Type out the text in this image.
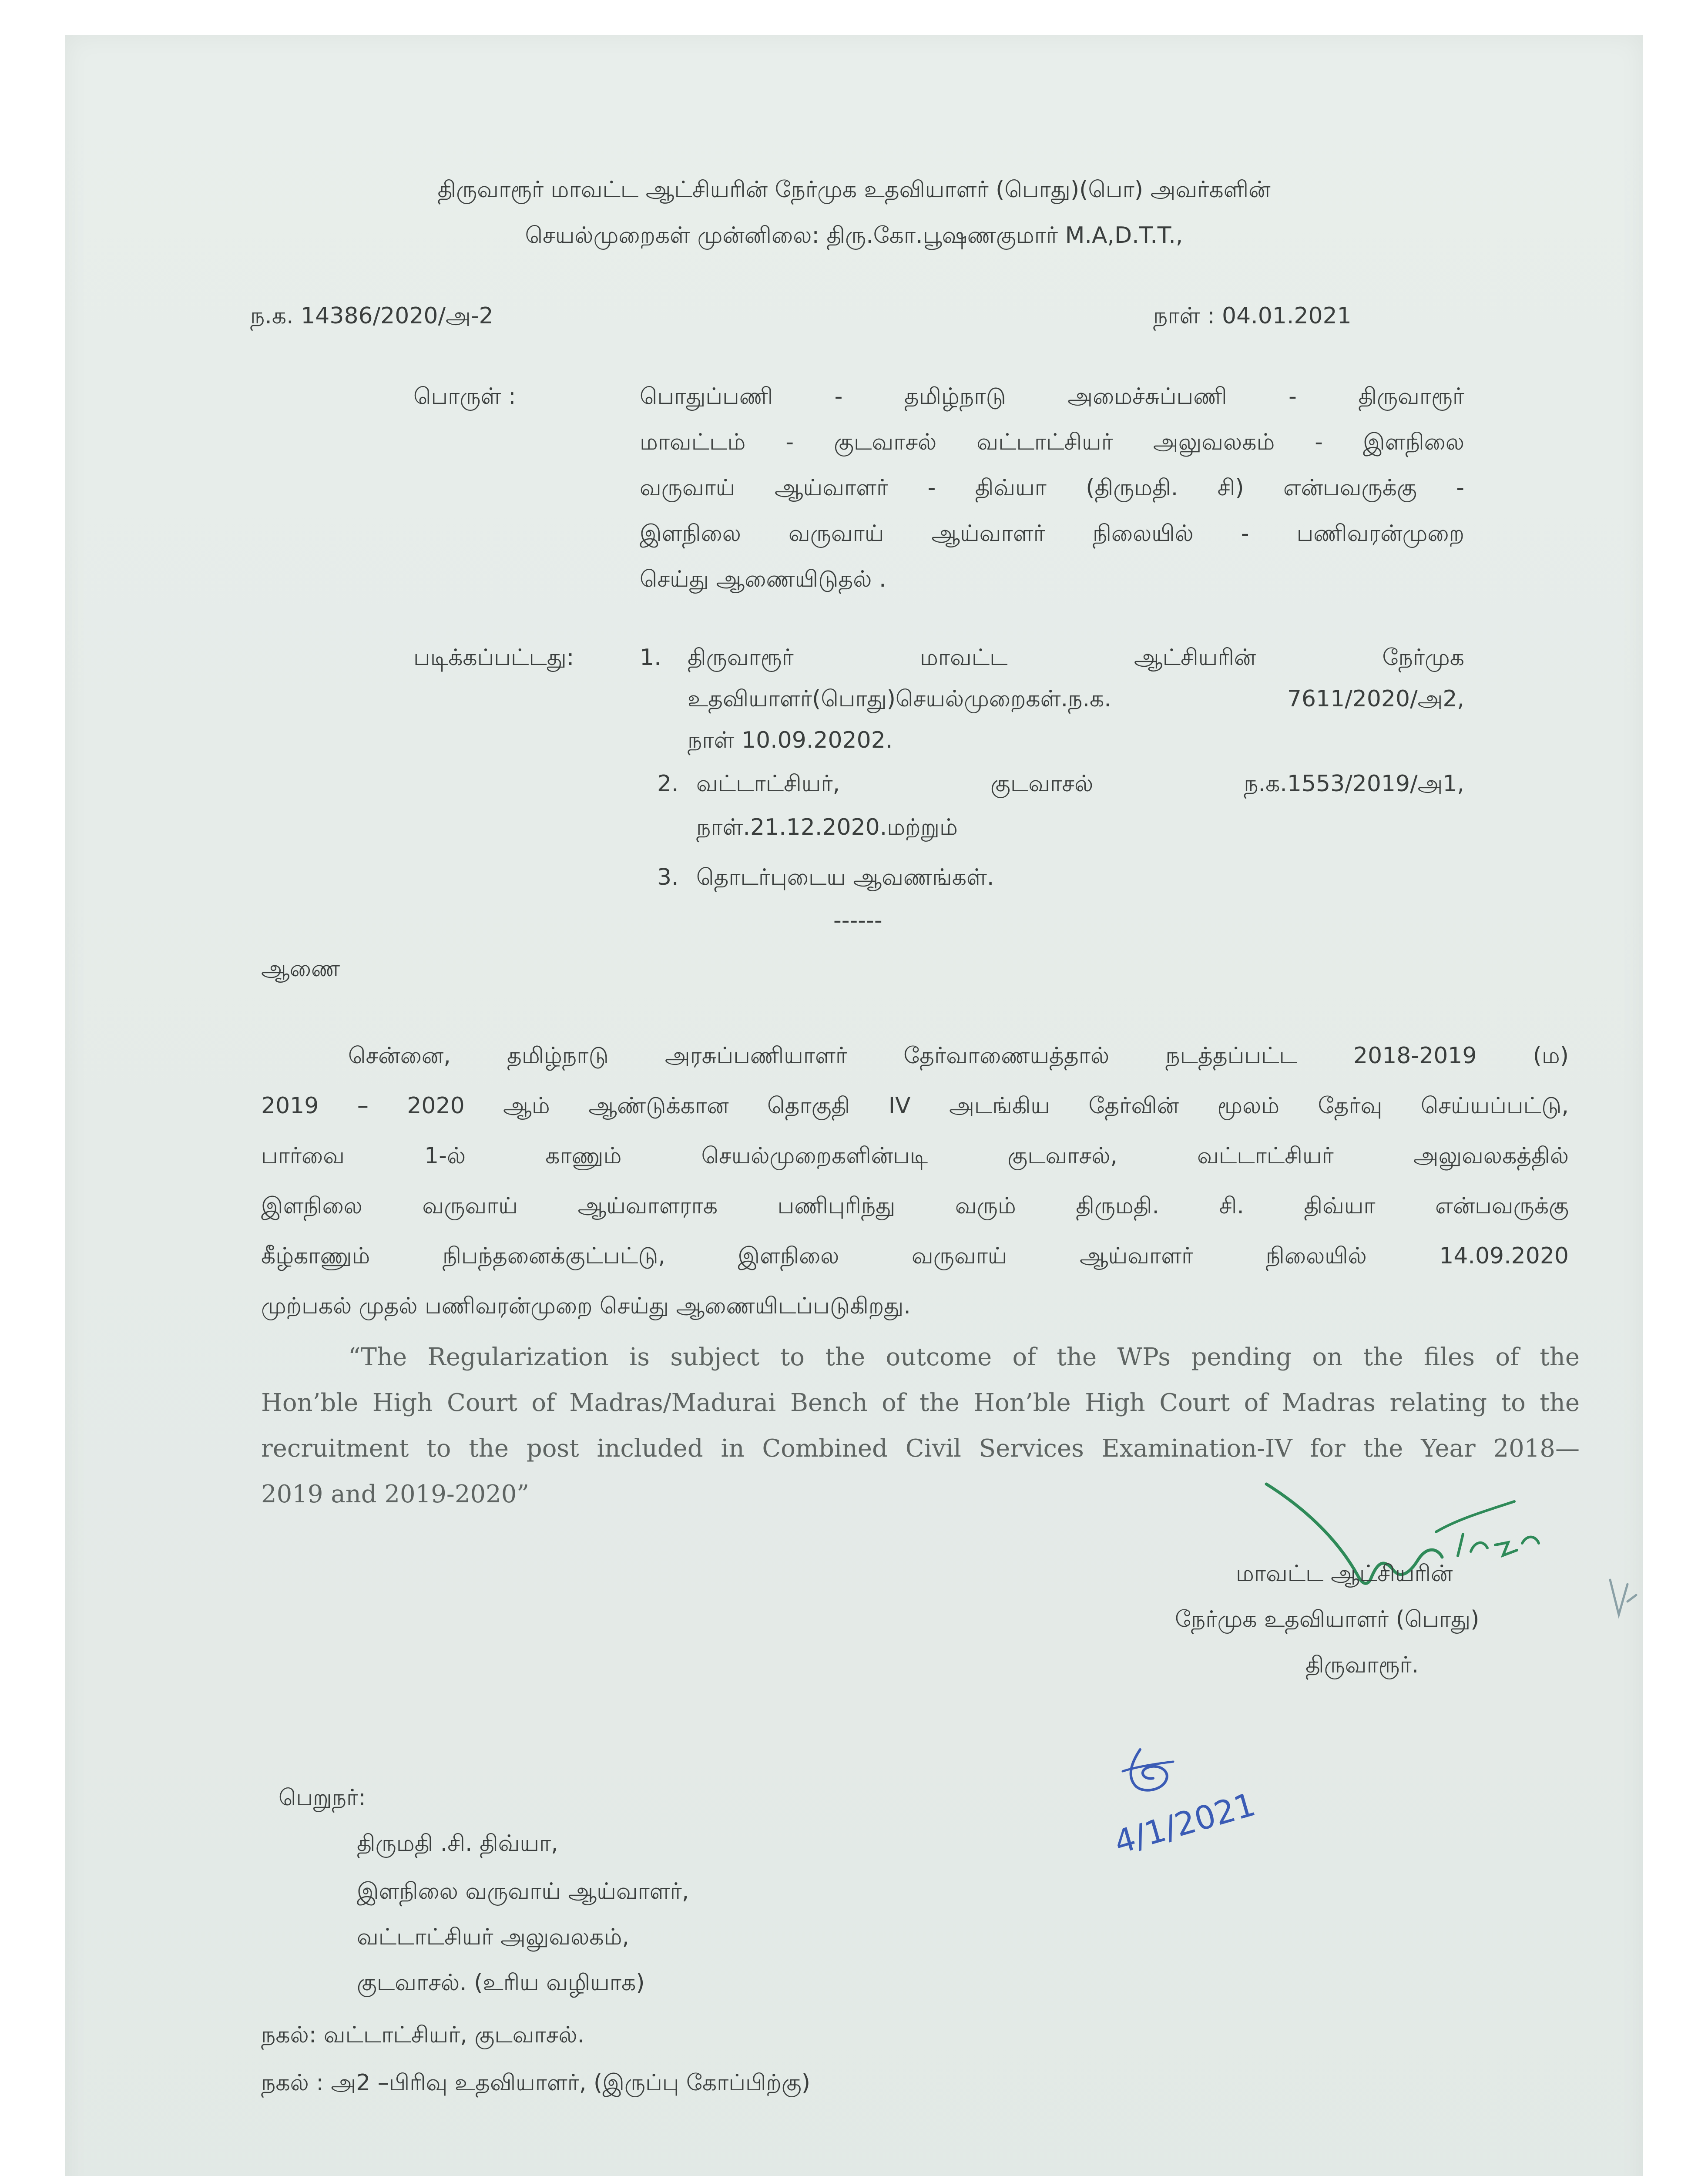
திருவாரூர் மாவட்ட ஆட்சியரின் நேர்முக உதவியாளர் (பொது)(பொ) அவர்களின்
செயல்முறைகள் முன்னிலை: திரு.கோ.பூஷணகுமார் M.A,D.T.T.,
ந.க. 14386/2020/அ-2	நாள் : 04.01.2021
பொருள் :	பொதுப்பணி - தமிழ்நாடு அமைச்சுப்பணி - திருவாரூர்
மாவட்டம் - குடவாசல் வட்டாட்சியர் அலுவலகம் - இளநிலை
வருவாய் ஆய்வாளர் - திவ்யா (திருமதி. சி) என்பவருக்கு -
இளநிலை வருவாய் ஆய்வாளர் நிலையில் - பணிவரன்முறை
செய்து ஆணையிடுதல் .
படிக்கப்பட்டது:	1. திருவாரூர் மாவட்ட ஆட்சியரின் நேர்முக
உதவியாளர்(பொது)செயல்முறைகள்.ந.க. 7611/2020/அ2,
நாள் 10.09.20202.
2. வட்டாட்சியர், குடவாசல் ந.க.1553/2019/அ1,
நாள்.21.12.2020.மற்றும்
3. தொடர்புடைய ஆவணங்கள்.
------
ஆணை
சென்னை, தமிழ்நாடு அரசுப்பணியாளர் தேர்வாணையத்தால் நடத்தப்பட்ட 2018-2019 (ம)
2019 – 2020 ஆம் ஆண்டுக்கான தொகுதி IV அடங்கிய தேர்வின் மூலம் தேர்வு செய்யப்பட்டு,
பார்வை 1-ல் காணும் செயல்முறைகளின்படி குடவாசல், வட்டாட்சியர் அலுவலகத்தில்
இளநிலை வருவாய் ஆய்வாளராக பணிபுரிந்து வரும் திருமதி. சி. திவ்யா என்பவருக்கு
கீழ்காணும் நிபந்தனைக்குட்பட்டு, இளநிலை வருவாய் ஆய்வாளர் நிலையில் 14.09.2020
முற்பகல் முதல் பணிவரன்முறை செய்து ஆணையிடப்படுகிறது.
“The Regularization is subject to the outcome of the WPs pending on the files of the
Hon’ble High Court of Madras/Madurai Bench of the Hon’ble High Court of Madras relating to the
recruitment to the post included in Combined Civil Services Examination-IV for the Year 2018—
2019 and 2019-2020”
மாவட்ட ஆட்சியரின்
நேர்முக உதவியாளர் (பொது)
திருவாரூர்.
பெறுநர்:
திருமதி .சி. திவ்யா,
இளநிலை வருவாய் ஆய்வாளர்,
வட்டாட்சியர் அலுவலகம்,
குடவாசல். (உரிய வழியாக)
4/1/2021
நகல்: வட்டாட்சியர், குடவாசல்.
நகல் : அ2 –பிரிவு உதவியாளர், (இருப்பு கோப்பிற்கு)
